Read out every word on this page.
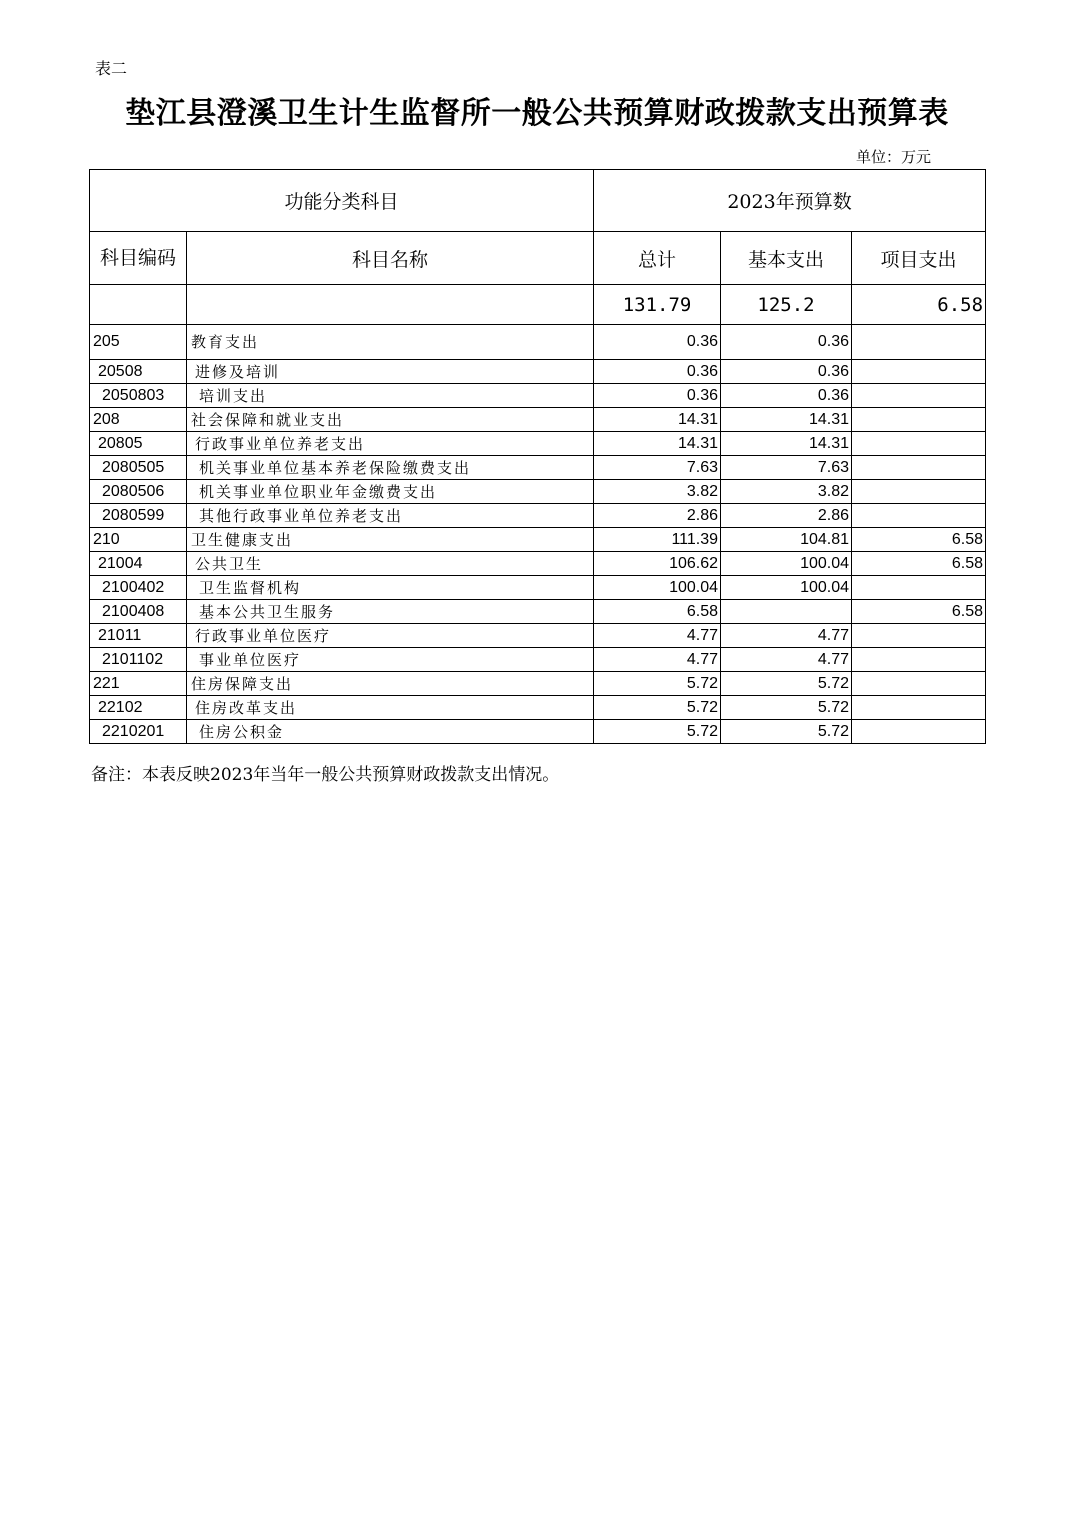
表二
垫江县澄溪卫生计生监督所一般公共预算财政拨款支出预算表
单位：万元
功能分类科目		2023年预算数		
科目编码	科目名称	总计	基本支出	项目支出
		131.79	125.2	6.58
205	教育支出	0.36	0.36	
20508	进修及培训	0.36	0.36	
2050803	培训支出	0.36	0.36	
208	社会保障和就业支出	14.31	14.31	
20805	行政事业单位养老支出	14.31	14.31	
2080505	机关事业单位基本养老保险缴费支出	7.63	7.63	
2080506	机关事业单位职业年金缴费支出	3.82	3.82	
2080599	其他行政事业单位养老支出	2.86	2.86	
210	卫生健康支出	111.39	104.81	6.58
21004	公共卫生	106.62	100.04	6.58
2100402	卫生监督机构	100.04	100.04	
2100408	基本公共卫生服务	6.58		6.58
21011	行政事业单位医疗	4.77	4.77	
2101102	事业单位医疗	4.77	4.77	
221	住房保障支出	5.72	5.72	
22102	住房改革支出	5.72	5.72	
2210201	住房公积金	5.72	5.72	
备注：本表反映2023年当年一般公共预算财政拨款支出情况。
